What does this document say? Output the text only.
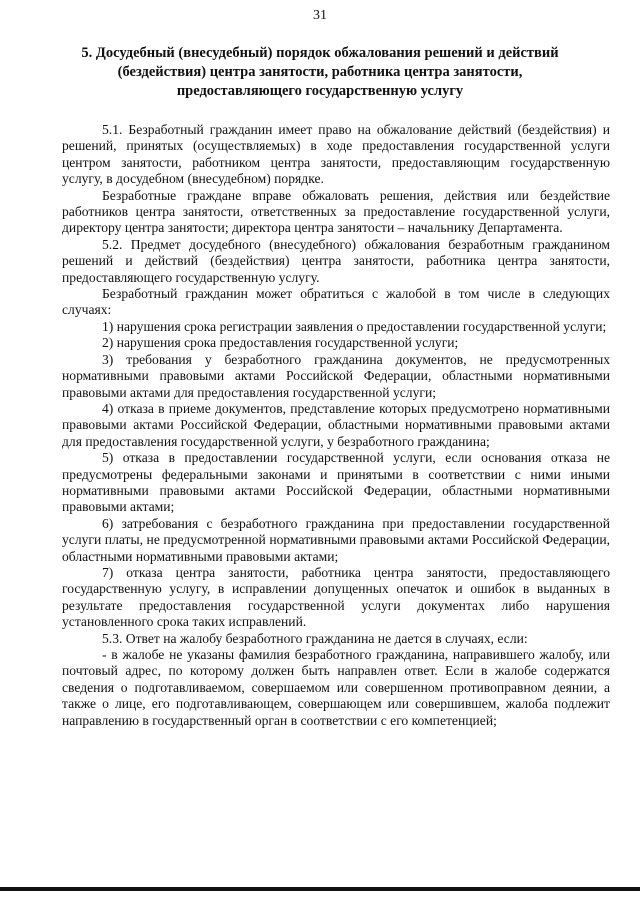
31
5. Досудебный (внесудебный) порядок обжалования решений и действий (бездействия) центра занятости, работника центра занятости, предоставляющего государственную услугу

5.1. Безработный гражданин имеет право на обжалование действий (бездействия) и решений, принятых (осуществляемых) в ходе предоставления государственной услуги центром занятости, работником центра занятости, предоставляющим государственную услугу, в досудебном (внесудебном) порядке.

Безработные граждане вправе обжаловать решения, действия или бездействие работников центра занятости, ответственных за предоставление государственной услуги, директору центра занятости; директора центра занятости – начальнику Департамента.

5.2. Предмет досудебного (внесудебного) обжалования безработным гражданином решений и действий (бездействия) центра занятости, работника центра занятости, предоставляющего государственную услугу.

Безработный гражданин может обратиться с жалобой в том числе в следующих случаях:

1) нарушения срока регистрации заявления о предоставлении государственной услуги;

2) нарушения срока предоставления государственной услуги;

3) требования у безработного гражданина документов, не предусмотренных нормативными правовыми актами Российской Федерации, областными нормативными правовыми актами для предоставления государственной услуги;

4) отказа в приеме документов, представление которых предусмотрено нормативными правовыми актами Российской Федерации, областными нормативными правовыми актами для предоставления государственной услуги, у безработного гражданина;

5) отказа в предоставлении государственной услуги, если основания отказа не предусмотрены федеральными законами и принятыми в соответствии с ними иными нормативными правовыми актами Российской Федерации, областными нормативными правовыми актами;

6) затребования с безработного гражданина при предоставлении государственной услуги платы, не предусмотренной нормативными правовыми актами Российской Федерации, областными нормативными правовыми актами;

7) отказа центра занятости, работника центра занятости, предоставляющего государственную услугу, в исправлении допущенных опечаток и ошибок в выданных в результате предоставления государственной услуги документах либо нарушения установленного срока таких исправлений.

5.3. Ответ на жалобу безработного гражданина не дается в случаях, если:

- в жалобе не указаны фамилия безработного гражданина, направившего жалобу, или почтовый адрес, по которому должен быть направлен ответ. Если в жалобе содержатся сведения о подготавливаемом, совершаемом или совершенном противоправном деянии, а также о лице, его подготавливающем, совершающем или совершившем, жалоба подлежит направлению в государственный орган в соответствии с его компетенцией;
